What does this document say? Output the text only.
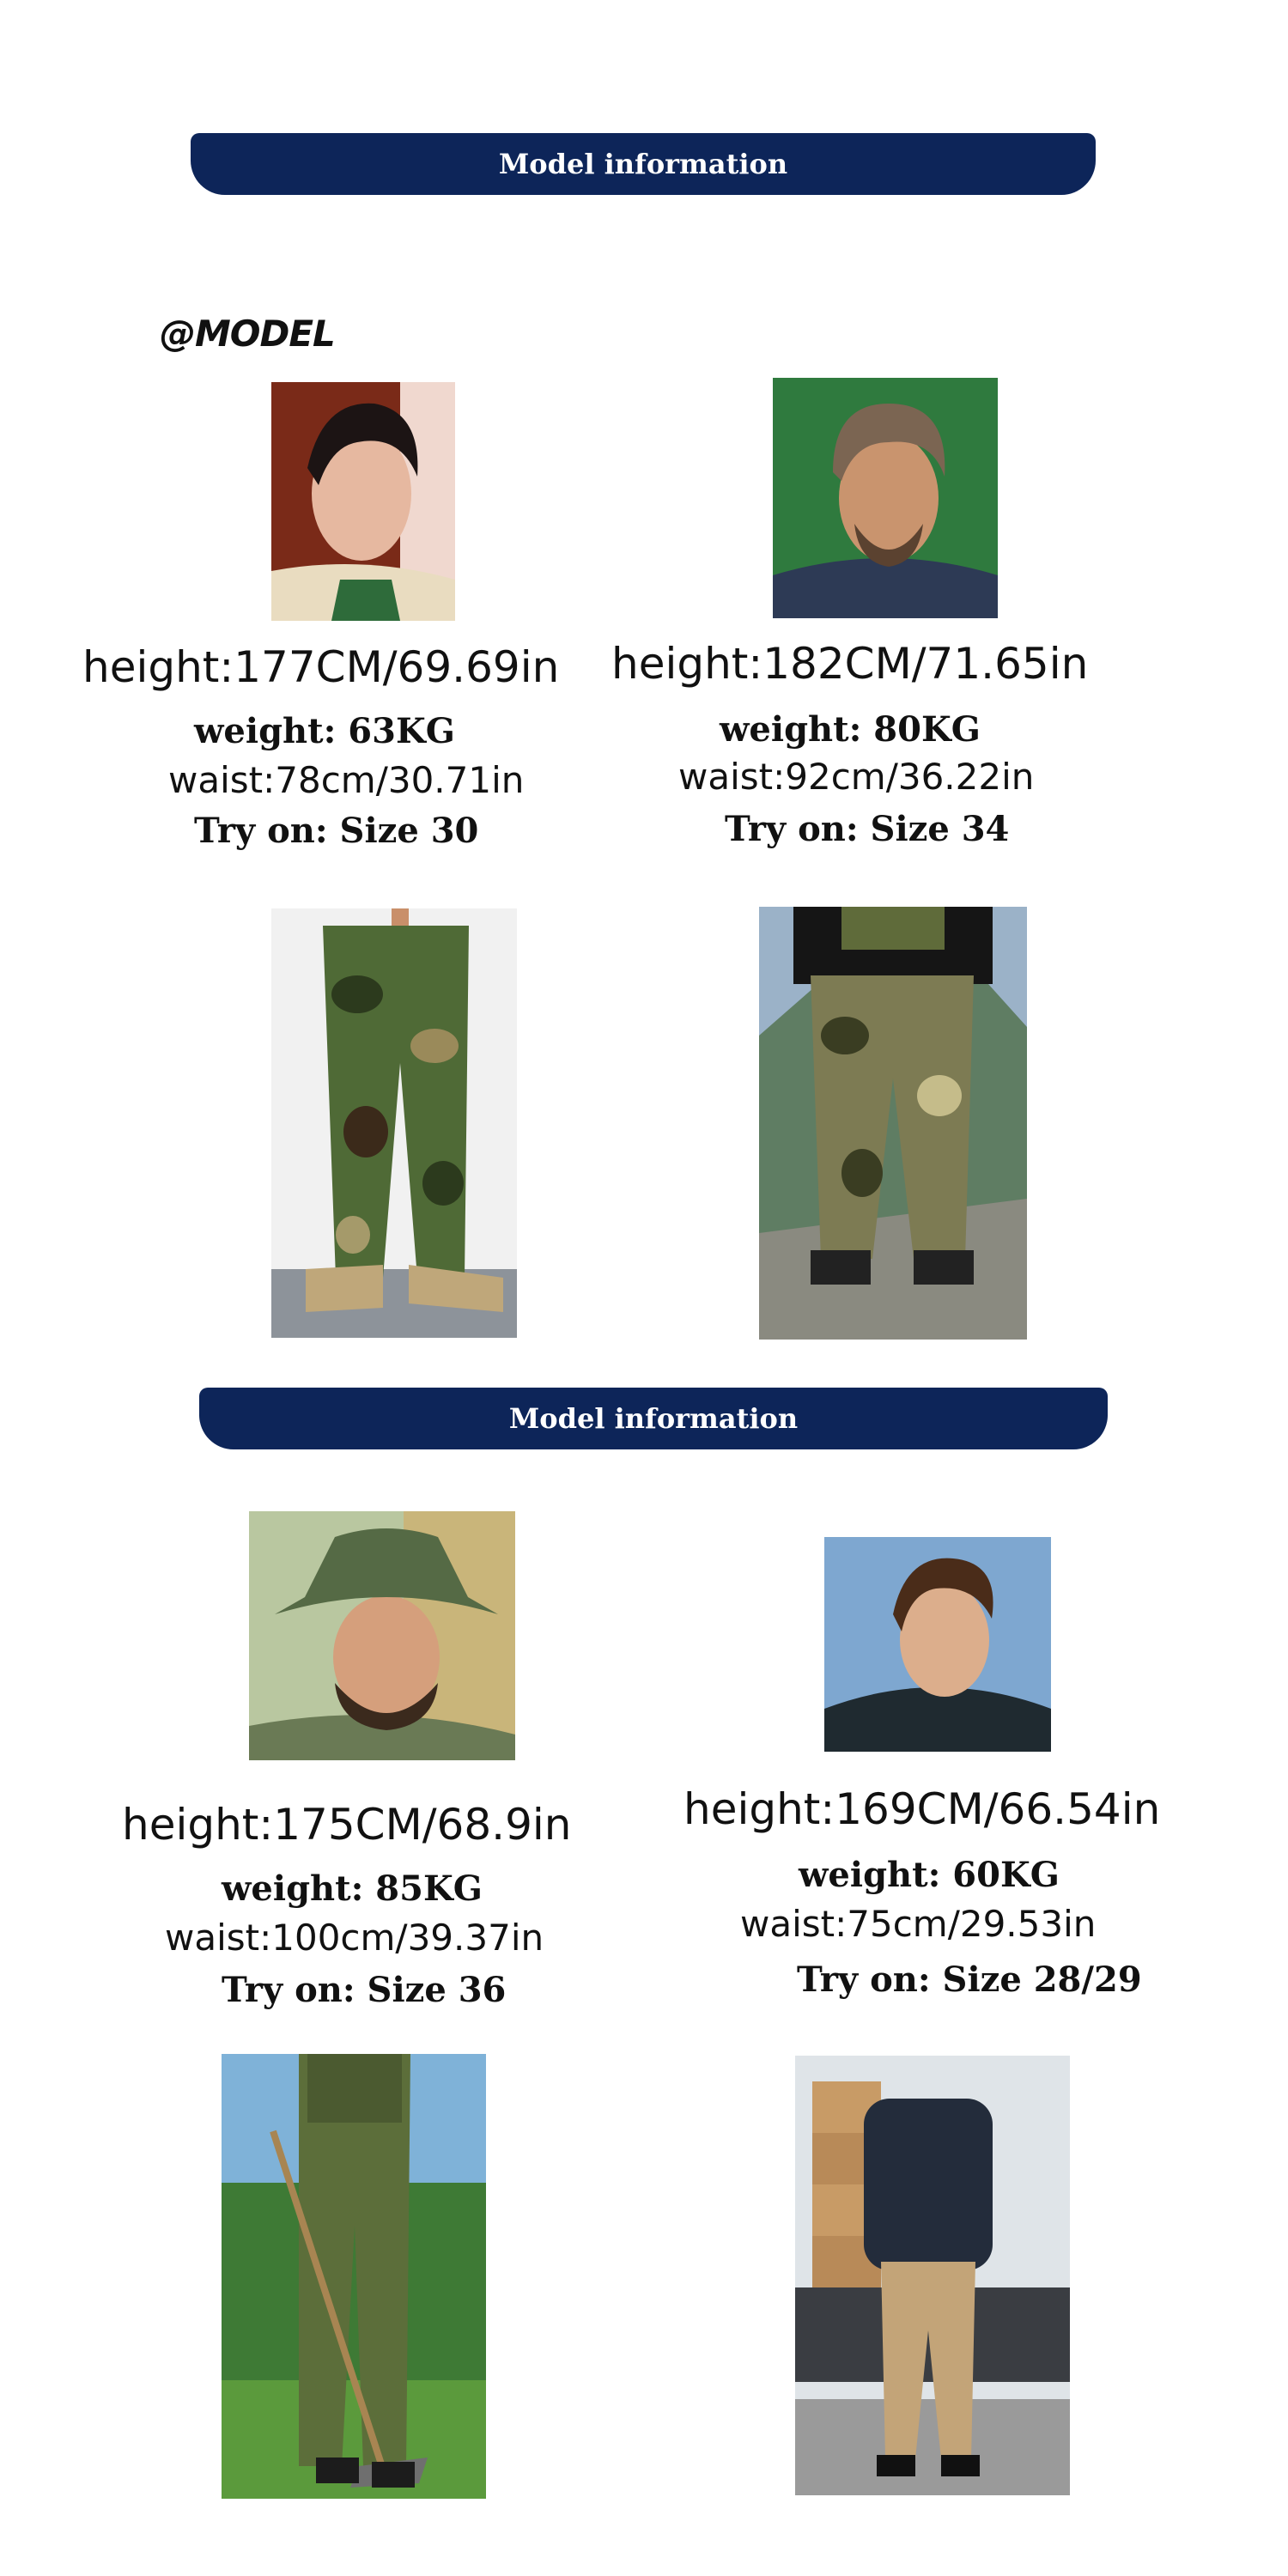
Model information
@MODEL
height:177CM/69.69in
weight: 63KG
waist:78cm/30.71in
Try on: Size 30
height:182CM/71.65in
weight: 80KG
waist:92cm/36.22in
Try on: Size 34
Model information
height:175CM/68.9in
weight: 85KG
waist:100cm/39.37in
Try on: Size 36
height:169CM/66.54in
weight: 60KG
waist:75cm/29.53in
Try on: Size 28/29
